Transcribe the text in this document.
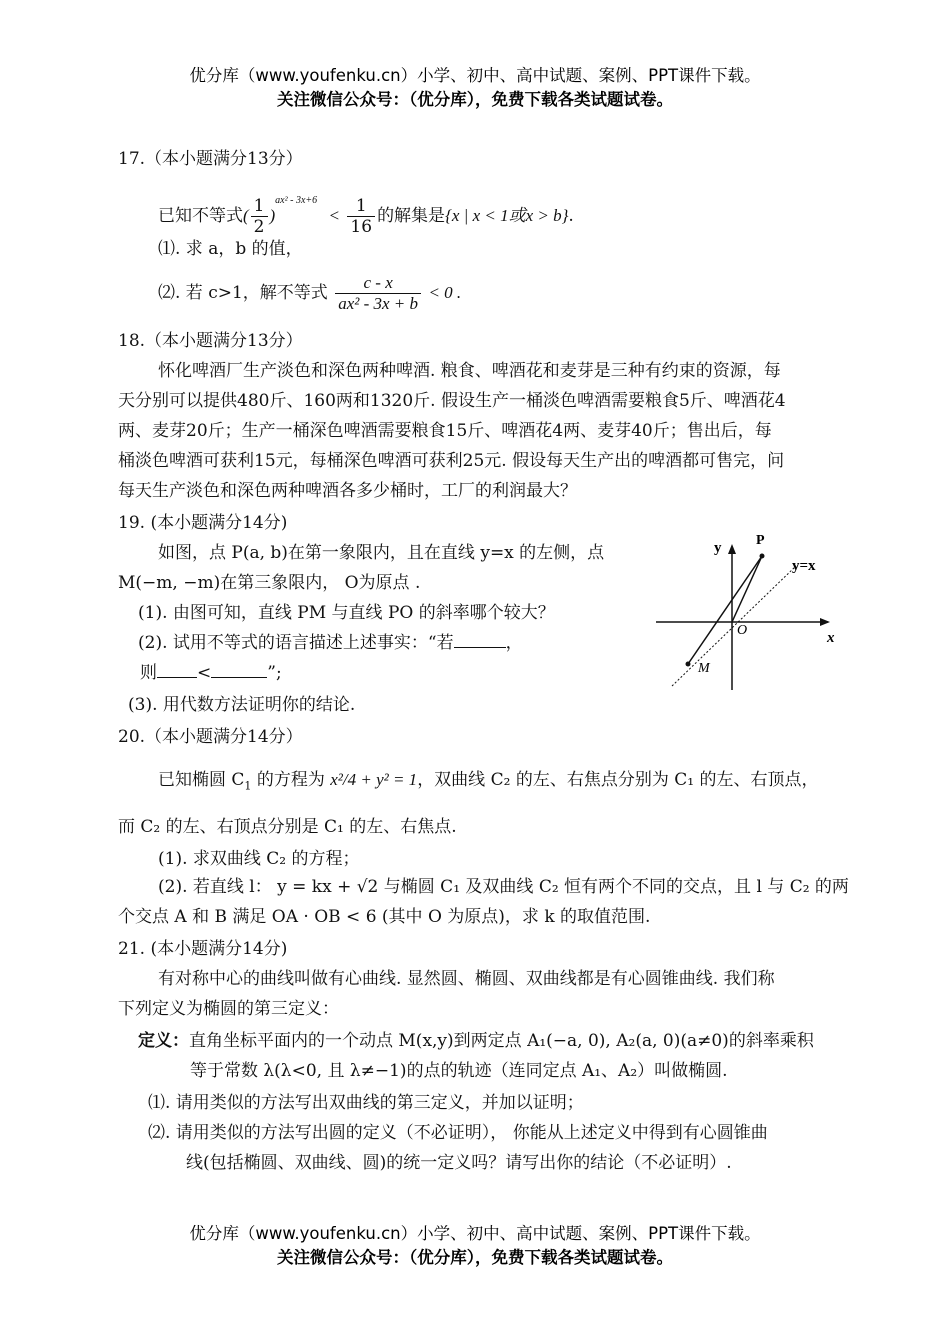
优分库（www.youfenku.cn）小学、初中、高中试题、案例、PPT课件下载。
关注微信公众号：（优分库），免费下载各类试题试卷。
17.（本小题满分13分）
已知不等式( $\frac{1}{2} )^{ax^2 - 3x+6} < \frac{1}{16}$ 的解集是{x | x < 1或x > b}.
⑴. 求 a，b 的值，
⑵. 若 c>1，解不等式 $\frac{c - x}{\text{ax² - 3x + b}} < 0$ .
18.（本小题满分13分）
怀化啤酒厂生产淡色和深色两种啤酒. 粮食、啤酒花和麦芽是三种有约束的资源，每
天分别可以提供480斤、160两和1320斤. 假设生产一桶淡色啤酒需要粮食5斤、啤酒花4
两、麦芽20斤；生产一桶深色啤酒需要粮食15斤、啤酒花4两、麦芽40斤；售出后，每
桶淡色啤酒可获利15元，每桶深色啤酒可获利25元. 假设每天生产出的啤酒都可售完，问
每天生产淡色和深色两种啤酒各多少桶时，工厂的利润最大？
19. (本小题满分14分)
如图，点 P(a, b)在第一象限内，且在直线 y=x 的左侧，点
M(−m, −m)在第三象限内， O为原点 .
(1). 由图可知，直线 PM 与直线 PO 的斜率哪个较大？
(2). 试用不等式的语言描述上述事实：“若	，
则 <	”;
(3). 用代数方法证明你的结论.
y P
y=x
O	x
M
20.（本小题满分14分）
已知椭圆 $C_1$ 的方程为 x²/4 + y² = 1，双曲线 C₂ 的左、右焦点分别为 C₁ 的左、右顶点，
而 C₂ 的左、右顶点分别是 C₁ 的左、右焦点.
(1). 求双曲线 C₂ 的方程；
(2). 若直线 l： y = kx + √2 与椭圆 C₁ 及双曲线 C₂ 恒有两个不同的交点，且 l 与 C₂ 的两
个交点 A 和 B 满足 OA · OB < 6 (其中 O 为原点)，求 k 的取值范围.
21. (本小题满分14分)
有对称中心的曲线叫做有心曲线. 显然圆、椭圆、双曲线都是有心圆锥曲线. 我们称
下列定义为椭圆的第三定义：
定义：直角坐标平面内的一个动点 M(x,y)到两定点 A₁(−a, 0), A₂(a, 0)(a≠0)的斜率乘积
等于常数 λ(λ<0, 且 λ≠−1)的点的轨迹（连同定点 A₁、A₂）叫做椭圆.
⑴. 请用类似的方法写出双曲线的第三定义，并加以证明；
⑵. 请用类似的方法写出圆的定义（不必证明）， 你能从上述定义中得到有心圆锥曲
线(包括椭圆、双曲线、圆)的统一定义吗？请写出你的结论（不必证明）.
优分库（www.youfenku.cn）小学、初中、高中试题、案例、PPT课件下载。
关注微信公众号：（优分库），免费下载各类试题试卷。
